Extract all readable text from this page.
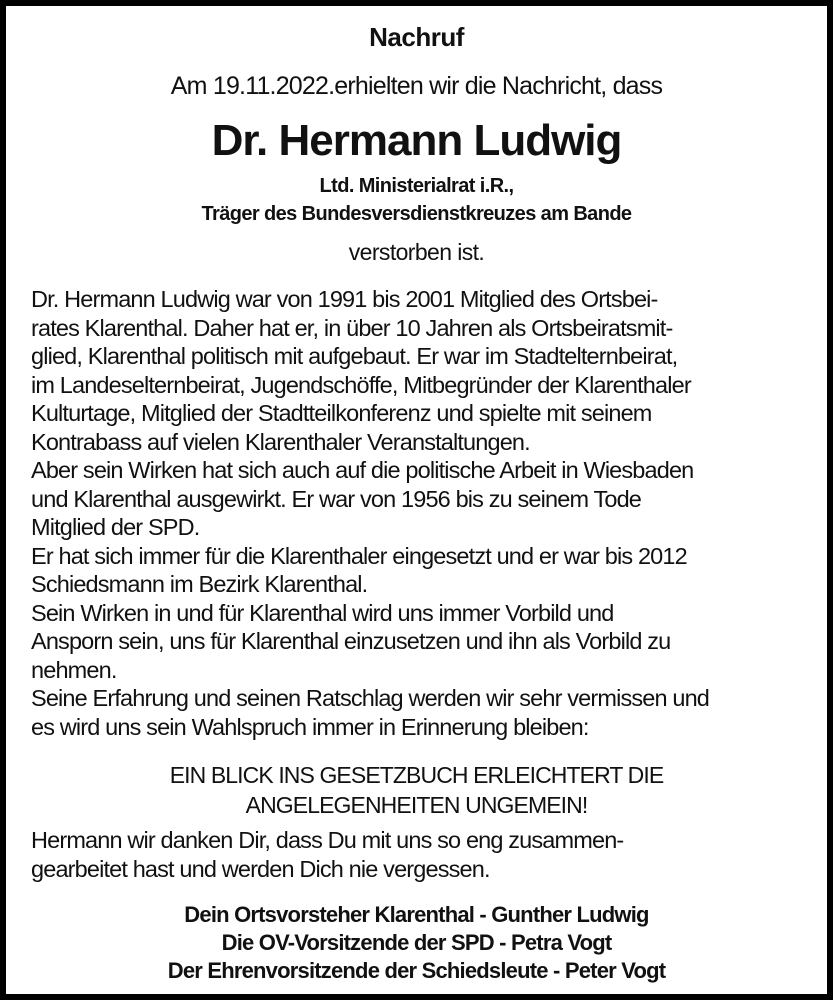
Nachruf
Am 19.11.2022.erhielten wir die Nachricht, dass
Dr. Hermann Ludwig
Ltd. Ministerialrat i.R.,
Träger des Bundesversdienstkreuzes am Bande
verstorben ist.

Dr. Hermann Ludwig war von 1991 bis 2001 Mitglied des Ortsbei-

rates Klarenthal. Daher hat er, in über 10 Jahren als Ortsbeiratsmit-

glied, Klarenthal politisch mit aufgebaut. Er war im Stadtelternbeirat,

im Landeselternbeirat, Jugendschöffe, Mitbegründer der Klarenthaler

Kulturtage, Mitglied der Stadtteilkonferenz und spielte mit seinem

Kontrabass auf vielen Klarenthaler Veranstaltungen.

Aber sein Wirken hat sich auch auf die politische Arbeit in Wiesbaden

und Klarenthal ausgewirkt. Er war von 1956 bis zu seinem Tode

Mitglied der SPD.

Er hat sich immer für die Klarenthaler eingesetzt und er war bis 2012

Schiedsmann im Bezirk Klarenthal.

Sein Wirken in und für Klarenthal wird uns immer Vorbild und

Ansporn sein, uns für Klarenthal einzusetzen und ihn als Vorbild zu

nehmen.

Seine Erfahrung und seinen Ratschlag werden wir sehr vermissen und

es wird uns sein Wahlspruch immer in Erinnerung bleiben:

EIN BLICK INS GESETZBUCH ERLEICHTERT DIE

ANGELEGENHEITEN UNGEMEIN!

Hermann wir danken Dir, dass Du mit uns so eng zusammen-

gearbeitet hast und werden Dich nie vergessen.

Dein Ortsvorsteher Klarenthal - Gunther Ludwig

Die OV-Vorsitzende der SPD - Petra Vogt

Der Ehrenvorsitzende der Schiedsleute - Peter Vogt
